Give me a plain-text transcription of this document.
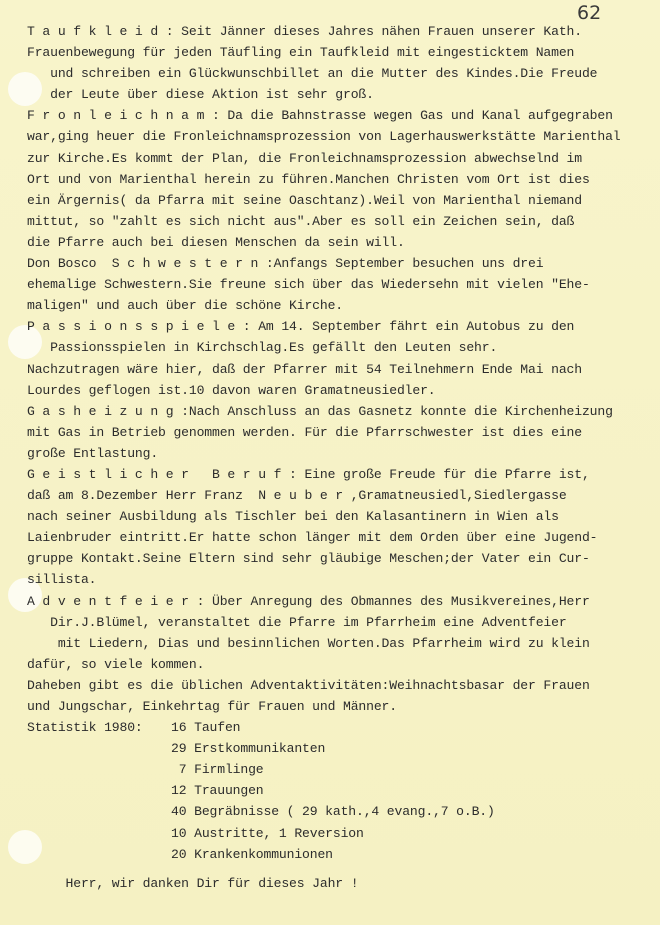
62
T a u f k l e i d : Seit Jänner dieses Jahres nähen Frauen unserer Kath.
Frauenbewegung für jeden Täufling ein Taufkleid mit eingesticktem Namen
und schreiben ein Glückwunschbillet an die Mutter des Kindes.Die Freude
der Leute über diese Aktion ist sehr groß.
F r o n l e i c h n a m : Da die Bahnstrasse wegen Gas und Kanal aufgegraben
war,ging heuer die Fronleichnamsprozession von Lagerhauswerkstätte Marienthal
zur Kirche.Es kommt der Plan, die Fronleichnamsprozession abwechselnd im
Ort und von Marienthal herein zu führen.Manchen Christen vom Ort ist dies
ein Ärgernis( da Pfarra mit seine Oaschtanz).Weil von Marienthal niemand
mittut, so "zahlt es sich nicht aus".Aber es soll ein Zeichen sein, daß
die Pfarre auch bei diesen Menschen da sein will.
Don Bosco  S c h w e s t e r n :Anfangs September besuchen uns drei
ehemalige Schwestern.Sie freune sich über das Wiedersehn mit vielen "Ehe-
maligen" und auch über die schöne Kirche.
P a s s i o n s s p i e l e : Am 14. September fährt ein Autobus zu den
Passionsspielen in Kirchschlag.Es gefällt den Leuten sehr.
Nachzutragen wäre hier, daß der Pfarrer mit 54 Teilnehmern Ende Mai nach
Lourdes geflogen ist.10 davon waren Gramatneusiedler.
G a s h e i z u n g :Nach Anschluss an das Gasnetz konnte die Kirchenheizung
mit Gas in Betrieb genommen werden. Für die Pfarrschwester ist dies eine
große Entlastung.
G e i s t l i c h e r   B e r u f : Eine große Freude für die Pfarre ist,
daß am 8.Dezember Herr Franz  N e u b e r ,Gramatneusiedl,Siedlergasse
nach seiner Ausbildung als Tischler bei den Kalasantinern in Wien als
Laienbruder eintritt.Er hatte schon länger mit dem Orden über eine Jugend-
gruppe Kontakt.Seine Eltern sind sehr gläubige Meschen;der Vater ein Cur-
sillista.
A d v e n t f e i e r : Über Anregung des Obmannes des Musikvereines,Herr
Dir.J.Blümel, veranstaltet die Pfarre im Pfarrheim eine Adventfeier
mit Liedern, Dias und besinnlichen Worten.Das Pfarrheim wird zu klein
dafür, so viele kommen.
Daheben gibt es die üblichen Adventaktivitäten:Weihnachtsbasar der Frauen
und Jungschar, Einkehrtag für Frauen und Männer.
Statistik 1980: 16 Taufen
29 Erstkommunikanten
7 Firmlinge
12 Trauungen
40 Begräbnisse ( 29 kath.,4 evang.,7 o.B.)
10 Austritte, 1 Reversion
20 Krankenkommunionen
Herr, wir danken Dir für dieses Jahr !
